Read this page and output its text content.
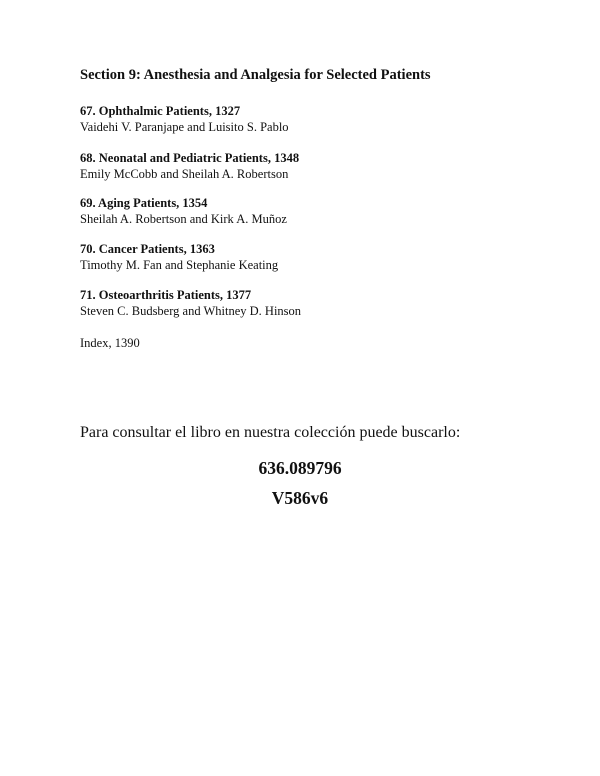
Section 9: Anesthesia and Analgesia for Selected Patients
67. Ophthalmic Patients, 1327
Vaidehi V. Paranjape and Luisito S. Pablo
68. Neonatal and Pediatric Patients, 1348
Emily McCobb and Sheilah A. Robertson
69. Aging Patients, 1354
Sheilah A. Robertson and Kirk A. Muñoz
70. Cancer Patients, 1363
Timothy M. Fan and Stephanie Keating
71. Osteoarthritis Patients, 1377
Steven C. Budsberg and Whitney D. Hinson
Index, 1390
Para consultar el libro en nuestra colección puede buscarlo:
636.089796
V586v6
